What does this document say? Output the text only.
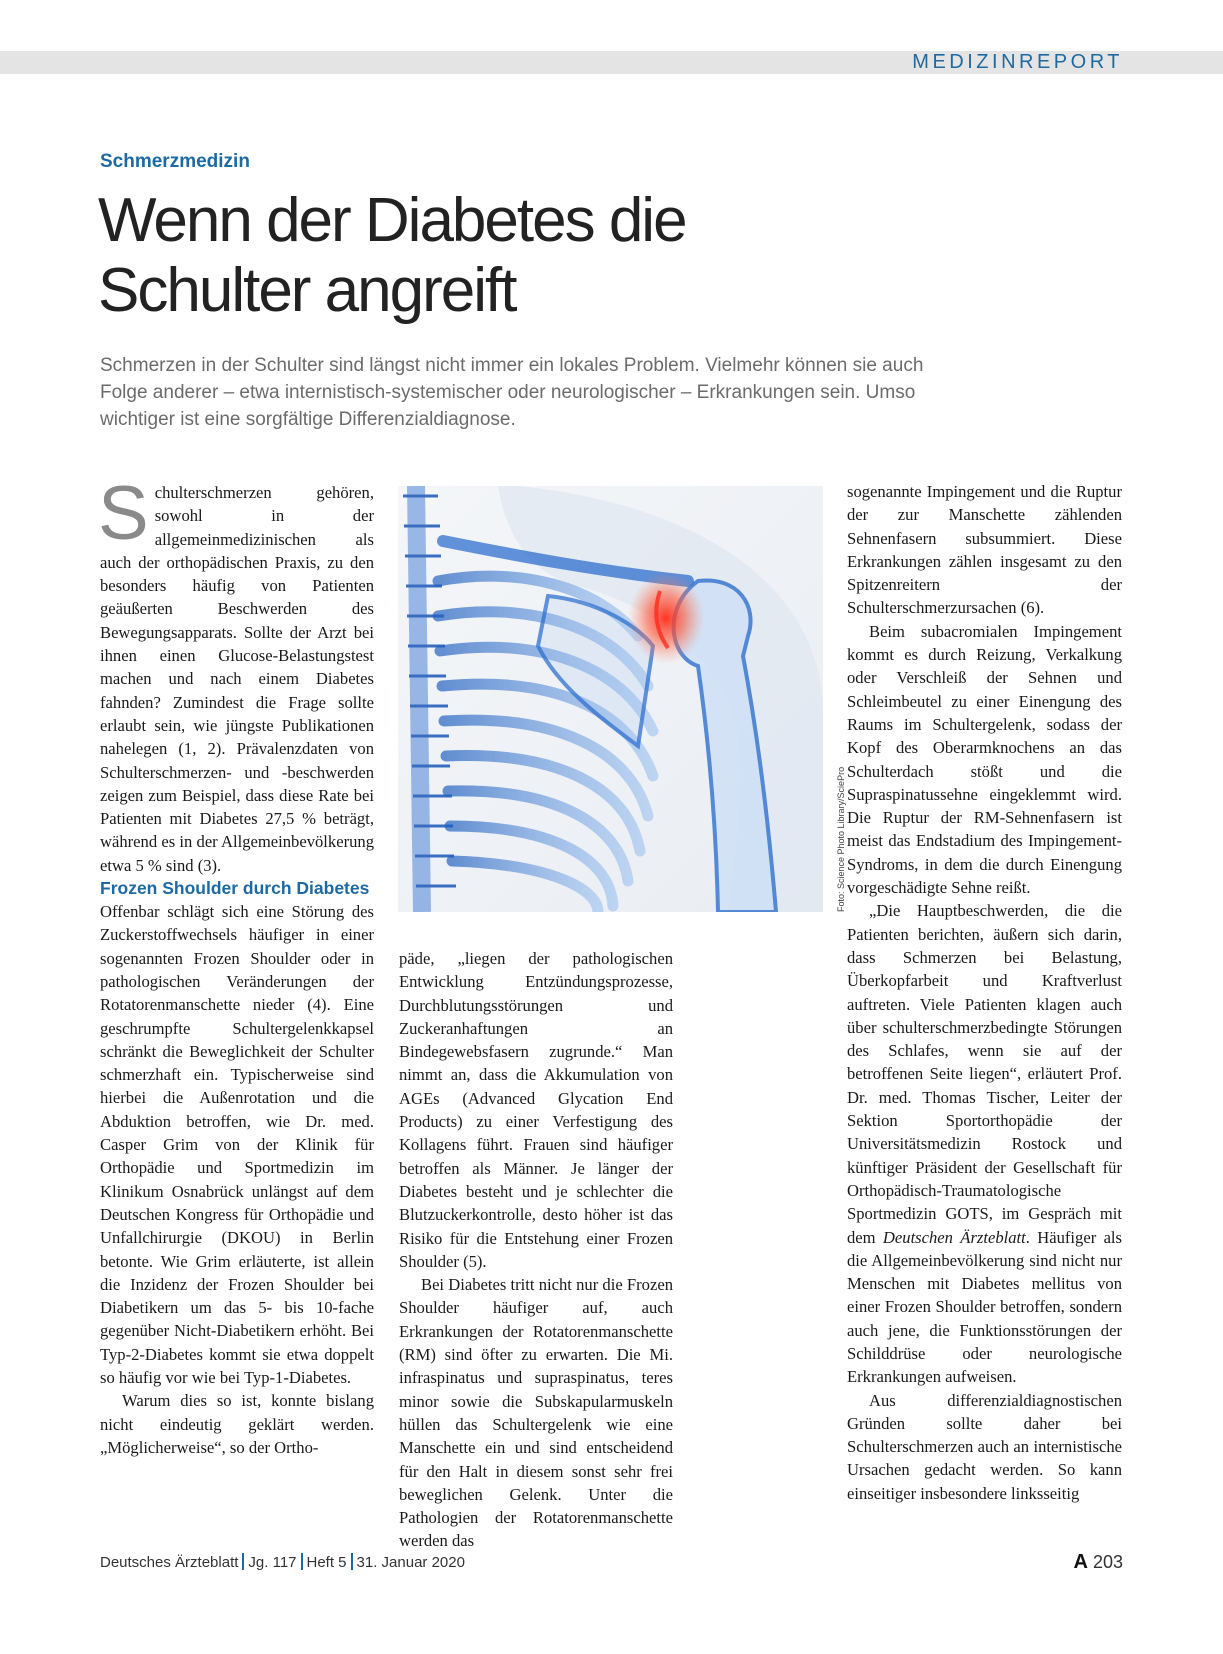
MEDIZINREPORT
Schmerzmedizin
Wenn der Diabetes die
Schulter angreift

Schmerzen in der Schulter sind längst nicht immer ein lokales Problem. Vielmehr können sie auch Folge anderer – etwa internistisch-systemischer oder neurologischer – Erkrankungen sein. Umso wichtiger ist eine sorgfältige Differenzialdiagnose.

Schulterschmerzen gehören, sowohl in der allgemeinmedizinischen als auch der orthopädischen Praxis, zu den besonders häufig von Patienten geäußerten Beschwerden des Bewegungsapparats. Sollte der Arzt bei ihnen einen Glucose-Belastungstest machen und nach einem Diabetes fahnden? Zumindest die Frage sollte erlaubt sein, wie jüngste Publikationen nahelegen (1, 2). Prävalenzdaten von Schulterschmerzen- und -beschwerden zeigen zum Beispiel, dass diese Rate bei Patienten mit Diabetes 27,5 % beträgt, während es in der Allgemeinbevölkerung etwa 5 % sind (3).

Frozen Shoulder durch Diabetes

Offenbar schlägt sich eine Störung des Zuckerstoffwechsels häufiger in einer sogenannten Frozen Shoulder oder in pathologischen Veränderungen der Rotatorenmanschette nieder (4). Eine geschrumpfte Schultergelenkkapsel schränkt die Beweglichkeit der Schulter schmerzhaft ein. Typischerweise sind hierbei die Außenrotation und die Abduktion betroffen, wie Dr. med. Casper Grim von der Klinik für Orthopädie und Sportmedizin im Klinikum Osnabrück unlängst auf dem Deutschen Kongress für Orthopädie und Unfallchirurgie (DKOU) in Berlin betonte. Wie Grim erläuterte, ist allein die Inzidenz der Frozen Shoulder bei Diabetikern um das 5- bis 10-fache gegenüber Nicht-Diabetikern erhöht. Bei Typ-2-Diabetes kommt sie etwa doppelt so häufig vor wie bei Typ-1-Diabetes.

Warum dies so ist, konnte bislang nicht eindeutig geklärt werden. „Möglicherweise“, so der Ortho-

Foto: Science Photo Library/SciePro

päde, „liegen der pathologischen Entwicklung Entzündungsprozesse, Durchblutungsstörungen und Zuckeranhaftungen an Bindegewebsfasern zugrunde.“ Man nimmt an, dass die Akkumulation von AGEs (Advanced Glycation End Products) zu einer Verfestigung des Kollagens führt. Frauen sind häufiger betroffen als Männer. Je länger der Diabetes besteht und je schlechter die Blutzuckerkontrolle, desto höher ist das Risiko für die Entstehung einer Frozen Shoulder (5).

Bei Diabetes tritt nicht nur die Frozen Shoulder häufiger auf, auch Erkrankungen der Rotatorenmanschette (RM) sind öfter zu erwarten. Die Mi. infraspinatus und supraspinatus, teres minor sowie die Subskapularmuskeln hüllen das Schultergelenk wie eine Manschette ein und sind entscheidend für den Halt in diesem sonst sehr frei beweglichen Gelenk. Unter die Pathologien der Rotatorenmanschette werden das

sogenannte Impingement und die Ruptur der zur Manschette zählenden Sehnenfasern subsummiert. Diese Erkrankungen zählen insgesamt zu den Spitzenreitern der Schulterschmerzursachen (6).

Beim subacromialen Impingement kommt es durch Reizung, Verkalkung oder Verschleiß der Sehnen und Schleimbeutel zu einer Einengung des Raums im Schultergelenk, sodass der Kopf des Oberarmknochens an das Schulterdach stößt und die Supraspinatussehne eingeklemmt wird. Die Ruptur der RM-Sehnenfasern ist meist das Endstadium des Impingement-Syndroms, in dem die durch Einengung vorgeschädigte Sehne reißt.

„Die Hauptbeschwerden, die die Patienten berichten, äußern sich darin, dass Schmerzen bei Belastung, Überkopfarbeit und Kraftverlust auftreten. Viele Patienten klagen auch über schulterschmerzbedingte Störungen des Schlafes, wenn sie auf der betroffenen Seite liegen“, erläutert Prof. Dr. med. Thomas Tischer, Leiter der Sektion Sportorthopädie der Universitätsmedizin Rostock und künftiger Präsident der Gesellschaft für Orthopädisch-Traumatologische Sportmedizin GOTS, im Gespräch mit dem Deutschen Ärzteblatt. Häufiger als die Allgemeinbevölkerung sind nicht nur Menschen mit Diabetes mellitus von einer Frozen Shoulder betroffen, sondern auch jene, die Funktionsstörungen der Schilddrüse oder neurologische Erkrankungen aufweisen.

Aus differenzialdiagnostischen Gründen sollte daher bei Schulterschmerzen auch an internistische Ursachen gedacht werden. So kann einseitiger insbesondere linksseitig

Deutsches Ärzteblatt Jg. 117 Heft 5 31. Januar 2020	A 203
